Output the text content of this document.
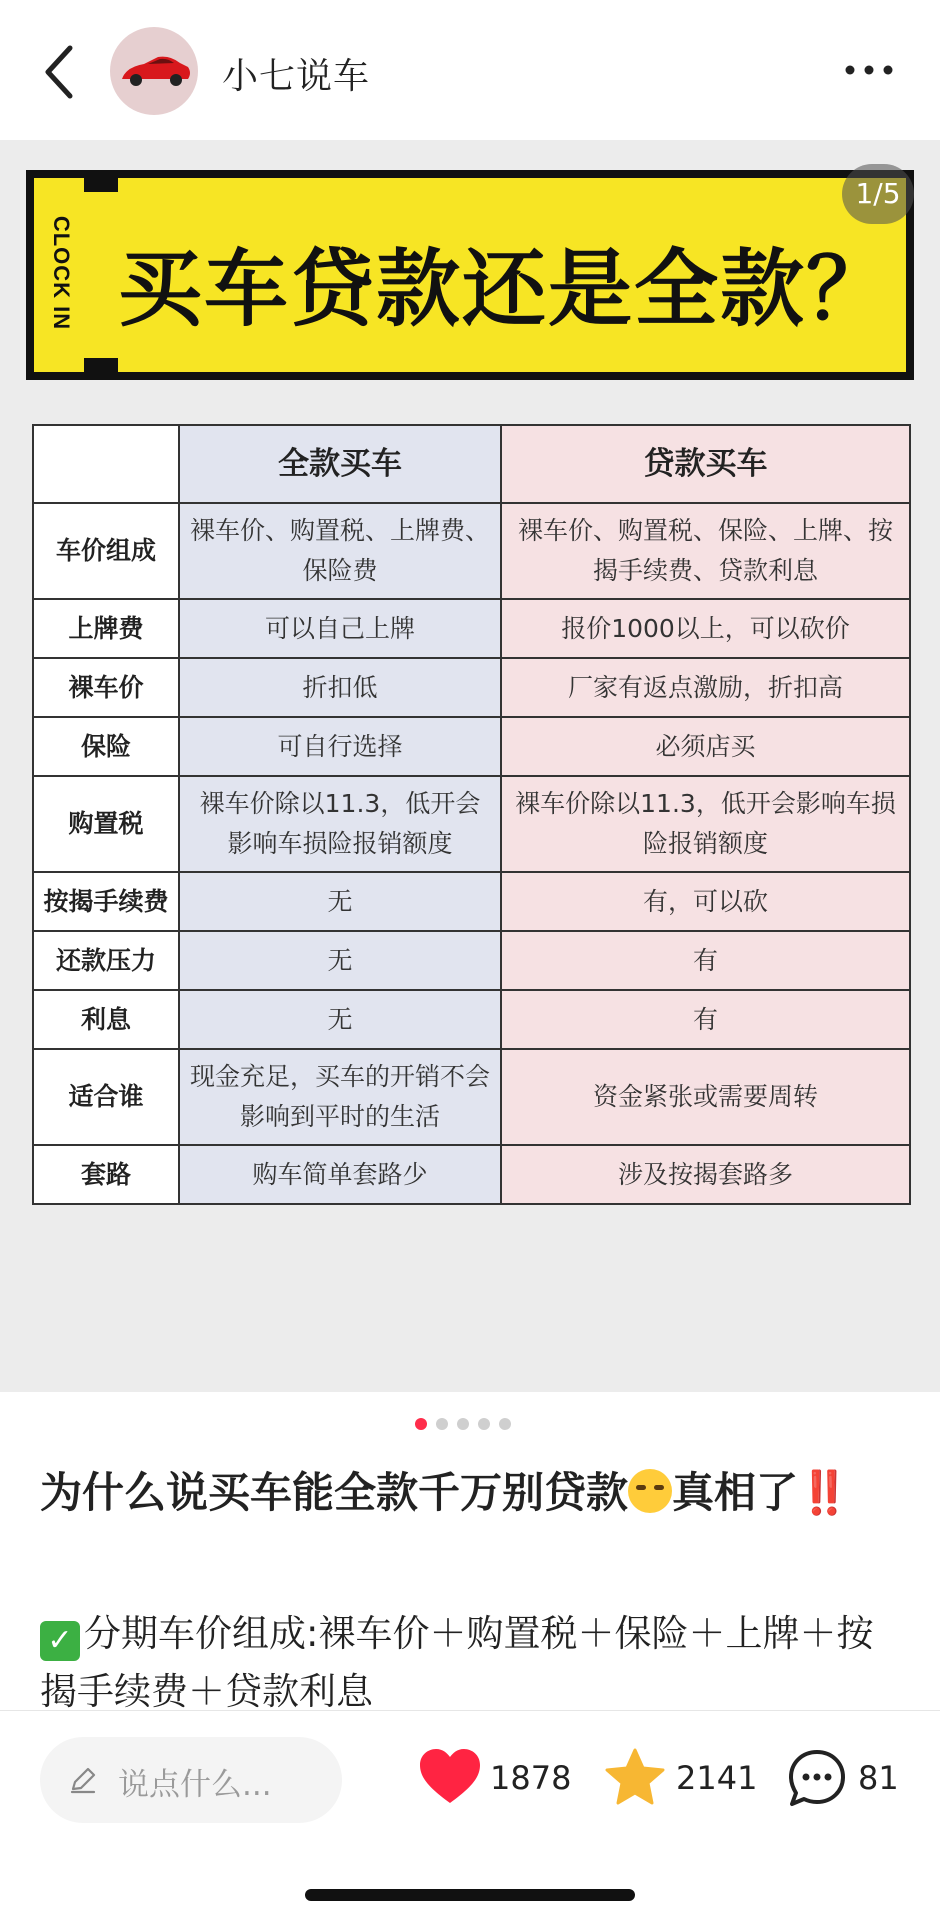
小七说车
CLOCK IN 买车贷款还是全款？
1/5
	全款买车	贷款买车
车价组成	裸车价、购置税、上牌费、保险费	裸车价、购置税、保险、上牌、按揭手续费、贷款利息
上牌费	可以自己上牌	报价1000以上，可以砍价
裸车价	折扣低	厂家有返点激励，折扣高
保险	可自行选择	必须店买
购置税	裸车价除以11.3，低开会影响车损险报销额度	裸车价除以11.3，低开会影响车损险报销额度
按揭手续费	无	有，可以砍
还款压力	无	有
利息	无	有
适合谁	现金充足，买车的开销不会影响到平时的生活	资金紧张或需要周转
套路	购车简单套路少	涉及按揭套路多
为什么说买车能全款千万别贷款 真相了‼️
✓ 分期车价组成:裸车价＋购置税＋保险＋上牌＋按揭手续费＋贷款利息
说点什么...	1878	2141	81
